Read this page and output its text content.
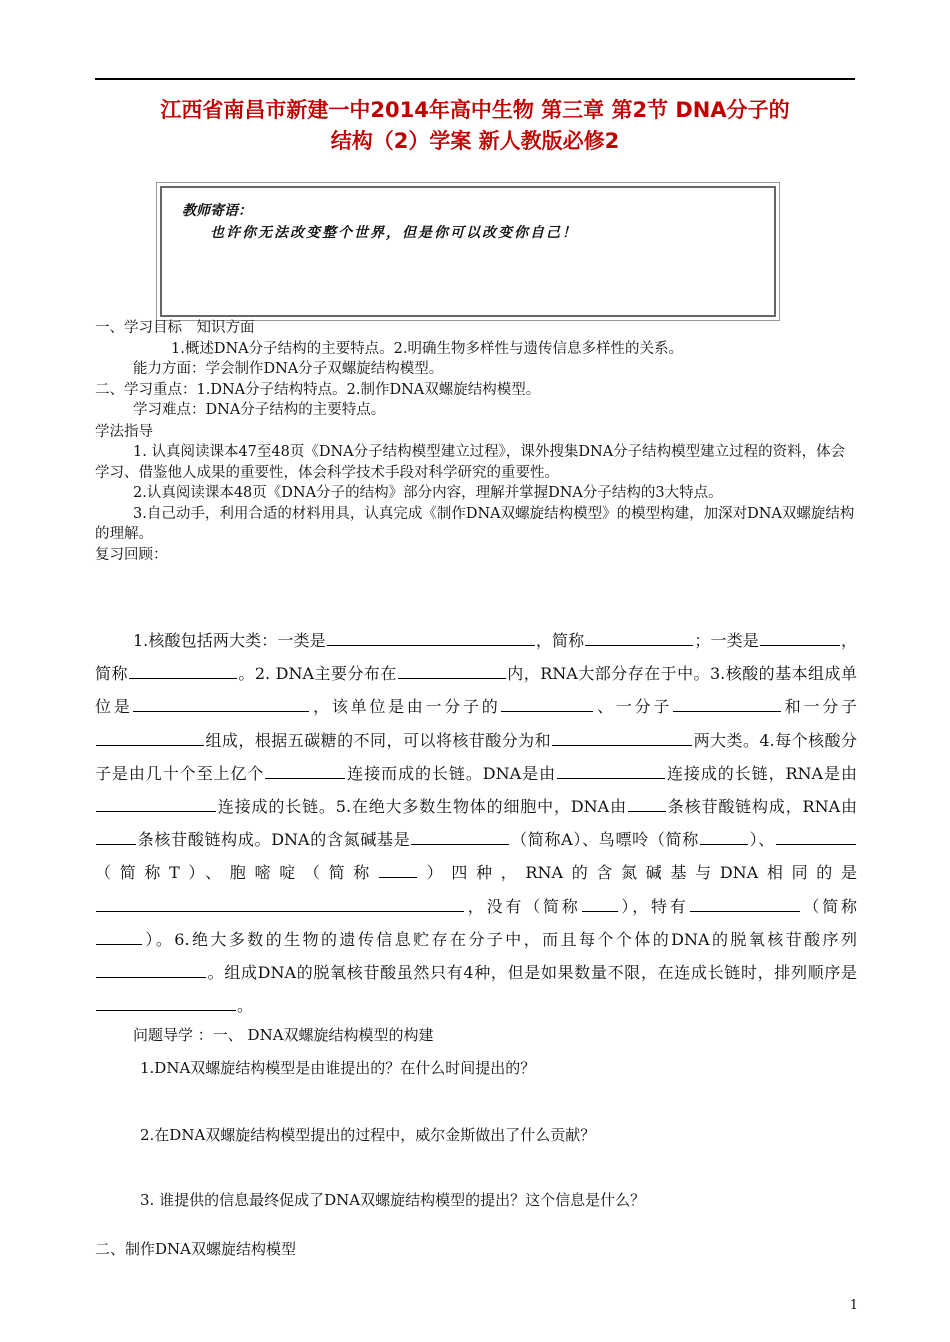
江西省南昌市新建一中2014年高中生物 第三章 第2节 DNA分子的
结构（2）学案 新人教版必修2
教师寄语：
也许你无法改变整个世界，但是你可以改变你自己！

一、学习目标　知识方面

1.概述DNA分子结构的主要特点。2.明确生物多样性与遗传信息多样性的关系。

能力方面：学会制作DNA分子双螺旋结构模型。

二、学习重点：1.DNA分子结构特点。2.制作DNA双螺旋结构模型。

学习难点：DNA分子结构的主要特点。

学法指导

1. 认真阅读课本47至48页《DNA分子结构模型建立过程》，课外搜集DNA分子结构模型建立过程的资料，体会学习、借鉴他人成果的重要性，体会科学技术手段对科学研究的重要性。

2.认真阅读课本48页《DNA分子的结构》部分内容，理解并掌握DNA分子结构的3大特点。

3.自己动手，利用合适的材料用具，认真完成《制作DNA双螺旋结构模型》的模型构建，加深对DNA双螺旋结构的理解。

复习回顾：

1.核酸包括两大类：一类是	，简称	；一类是	，简称	。2. DNA主要分布在	内，RNA大部分存在于中。3.核酸的基本组成单位是	，该单位是由一分子的	、一分子	和一分子组成，根据五碳糖的不同，可以将核苷酸分为和	两大类。4.每个核酸分子是由几十个至上亿个	连接而成的长链。DNA是由	连接成的长链，RNA是由连接成的长链。5.在绝大多数生物体的细胞中，DNA由	条核苷酸链构成，RNA由条核苷酸链构成。DNA的含氮碱基是	（简称A）、鸟嘌呤（简称	）、（简称T）、胞嘧啶（简称	）四种，RNA的含氮碱基与DNA相同的是，没有（简称 ），特有	（简称）。6.绝大多数的生物的遗传信息贮存在分子中，而且每个个体的DNA的脱氧核苷酸序列。组成DNA的脱氧核苷酸虽然只有4种，但是如果数量不限，在连成长链时，排列顺序是。

问题导学 ：一、 DNA双螺旋结构模型的构建
1.DNA双螺旋结构模型是由谁提出的？在什么时间提出的？
2.在DNA双螺旋结构模型提出的过程中，威尔金斯做出了什么贡献？
3. 谁提供的信息最终促成了DNA双螺旋结构模型的提出？这个信息是什么？
二、制作DNA双螺旋结构模型
1
